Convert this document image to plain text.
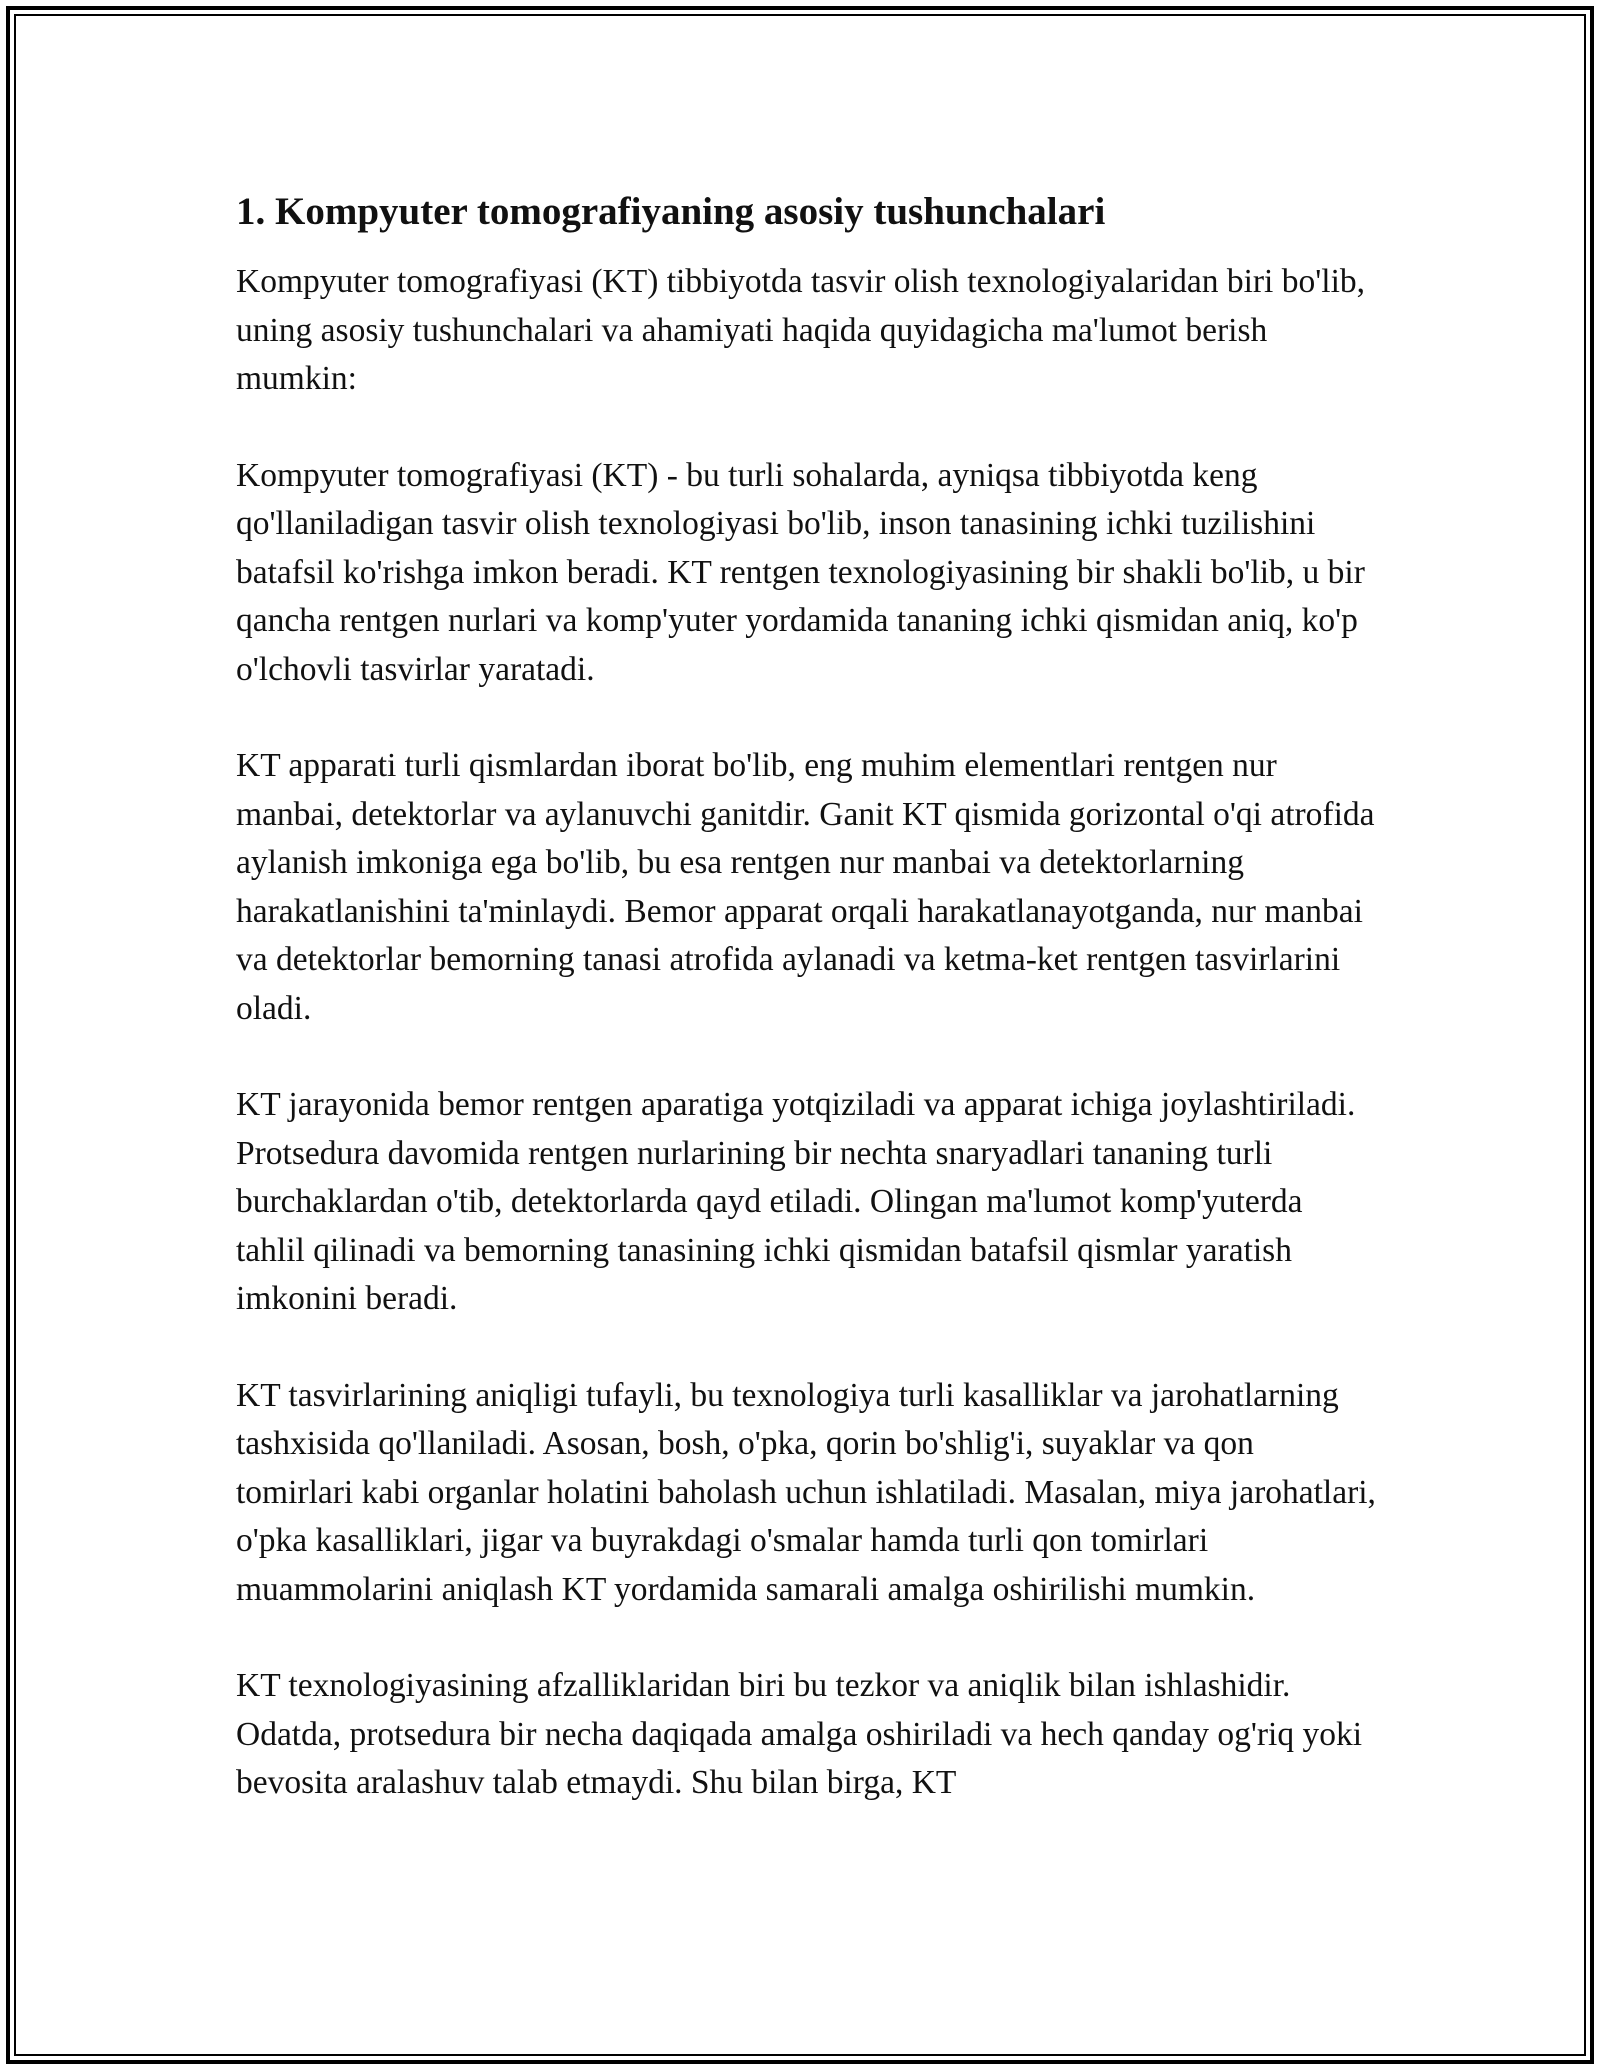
1. Kompyuter tomografiyaning asosiy tushunchalari

Kompyuter tomografiyasi (KT) tibbiyotda tasvir olish texnologiyalaridan biri bo'lib, uning asosiy tushunchalari va ahamiyati haqida quyidagicha ma'lumot berish mumkin:

Kompyuter tomografiyasi (KT) - bu turli sohalarda, ayniqsa tibbiyotda keng qo'llaniladigan tasvir olish texnologiyasi bo'lib, inson tanasining ichki tuzilishini batafsil ko'rishga imkon beradi. KT rentgen texnologiyasining bir shakli bo'lib, u bir qancha rentgen nurlari va komp'yuter yordamida tananing ichki qismidan aniq, ko'p o'lchovli tasvirlar yaratadi.

KT apparati turli qismlardan iborat bo'lib, eng muhim elementlari rentgen nur manbai, detektorlar va aylanuvchi ganitdir. Ganit KT qismida gorizontal o'qi atrofida aylanish imkoniga ega bo'lib, bu esa rentgen nur manbai va detektorlarning harakatlanishini ta'minlaydi. Bemor apparat orqali harakatlanayotganda, nur manbai va detektorlar bemorning tanasi atrofida aylanadi va ketma-ket rentgen tasvirlarini oladi.

KT jarayonida bemor rentgen aparatiga yotqiziladi va apparat ichiga joylashtiriladi. Protsedura davomida rentgen nurlarining bir nechta snaryadlari tananing turli burchaklardan o'tib, detektorlarda qayd etiladi. Olingan ma'lumot komp'yuterda tahlil qilinadi va bemorning tanasining ichki qismidan batafsil qismlar yaratish imkonini beradi.

KT tasvirlarining aniqligi tufayli, bu texnologiya turli kasalliklar va jarohatlarning tashxisida qo'llaniladi. Asosan, bosh, o'pka, qorin bo'shlig'i, suyaklar va qon tomirlari kabi organlar holatini baholash uchun ishlatiladi. Masalan, miya jarohatlari, o'pka kasalliklari, jigar va buyrakdagi o'smalar hamda turli qon tomirlari muammolarini aniqlash KT yordamida samarali amalga oshirilishi mumkin.

KT texnologiyasining afzalliklaridan biri bu tezkor va aniqlik bilan ishlashidir. Odatda, protsedura bir necha daqiqada amalga oshiriladi va hech qanday og'riq yoki bevosita aralashuv talab etmaydi. Shu bilan birga, KT
